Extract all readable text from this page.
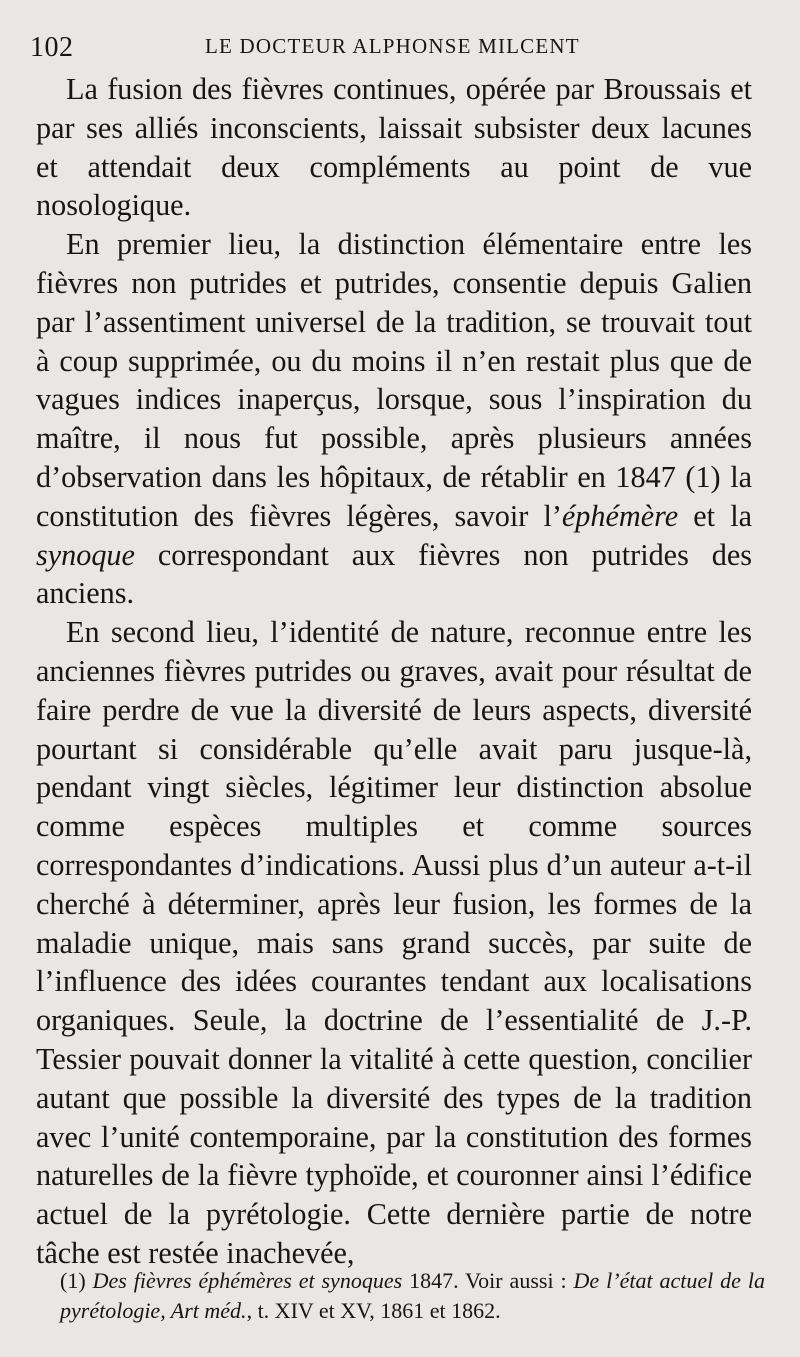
102	LE DOCTEUR ALPHONSE MILCENT

La fusion des fièvres continues, opérée par Broussais et par ses alliés inconscients, laissait subsister deux lacunes et attendait deux compléments au point de vue nosologique.

En premier lieu, la distinction élémentaire entre les fièvres non putrides et putrides, consentie depuis Galien par l’assentiment universel de la tradition, se trouvait tout à coup supprimée, ou du moins il n’en restait plus que de vagues indices inaperçus, lorsque, sous l’inspiration du maître, il nous fut possible, après plusieurs années d’observation dans les hôpitaux, de rétablir en 1847 (1) la constitution des fièvres légères, savoir l’éphémère et la synoque correspondant aux fièvres non putrides des anciens.

En second lieu, l’identité de nature, reconnue entre les anciennes fièvres putrides ou graves, avait pour résultat de faire perdre de vue la diversité de leurs aspects, diversité pourtant si considérable qu’elle avait paru jusque-là, pendant vingt siècles, légitimer leur distinction absolue comme espèces multiples et comme sources correspondantes d’indications. Aussi plus d’un auteur a-t-il cherché à déterminer, après leur fusion, les formes de la maladie unique, mais sans grand succès, par suite de l’influence des idées courantes tendant aux localisations organiques. Seule, la doctrine de l’essentialité de J.-P. Tessier pouvait donner la vitalité à cette question, concilier autant que possible la diversité des types de la tradition avec l’unité contemporaine, par la constitution des formes naturelles de la fièvre typhoïde, et couronner ainsi l’édifice actuel de la pyrétologie. Cette dernière partie de notre tâche est restée inachevée,

(1) Des fièvres éphémères et synoques 1847. Voir aussi : De l’état actuel de la pyrétologie, Art méd., t. XIV et XV, 1861 et 1862.
